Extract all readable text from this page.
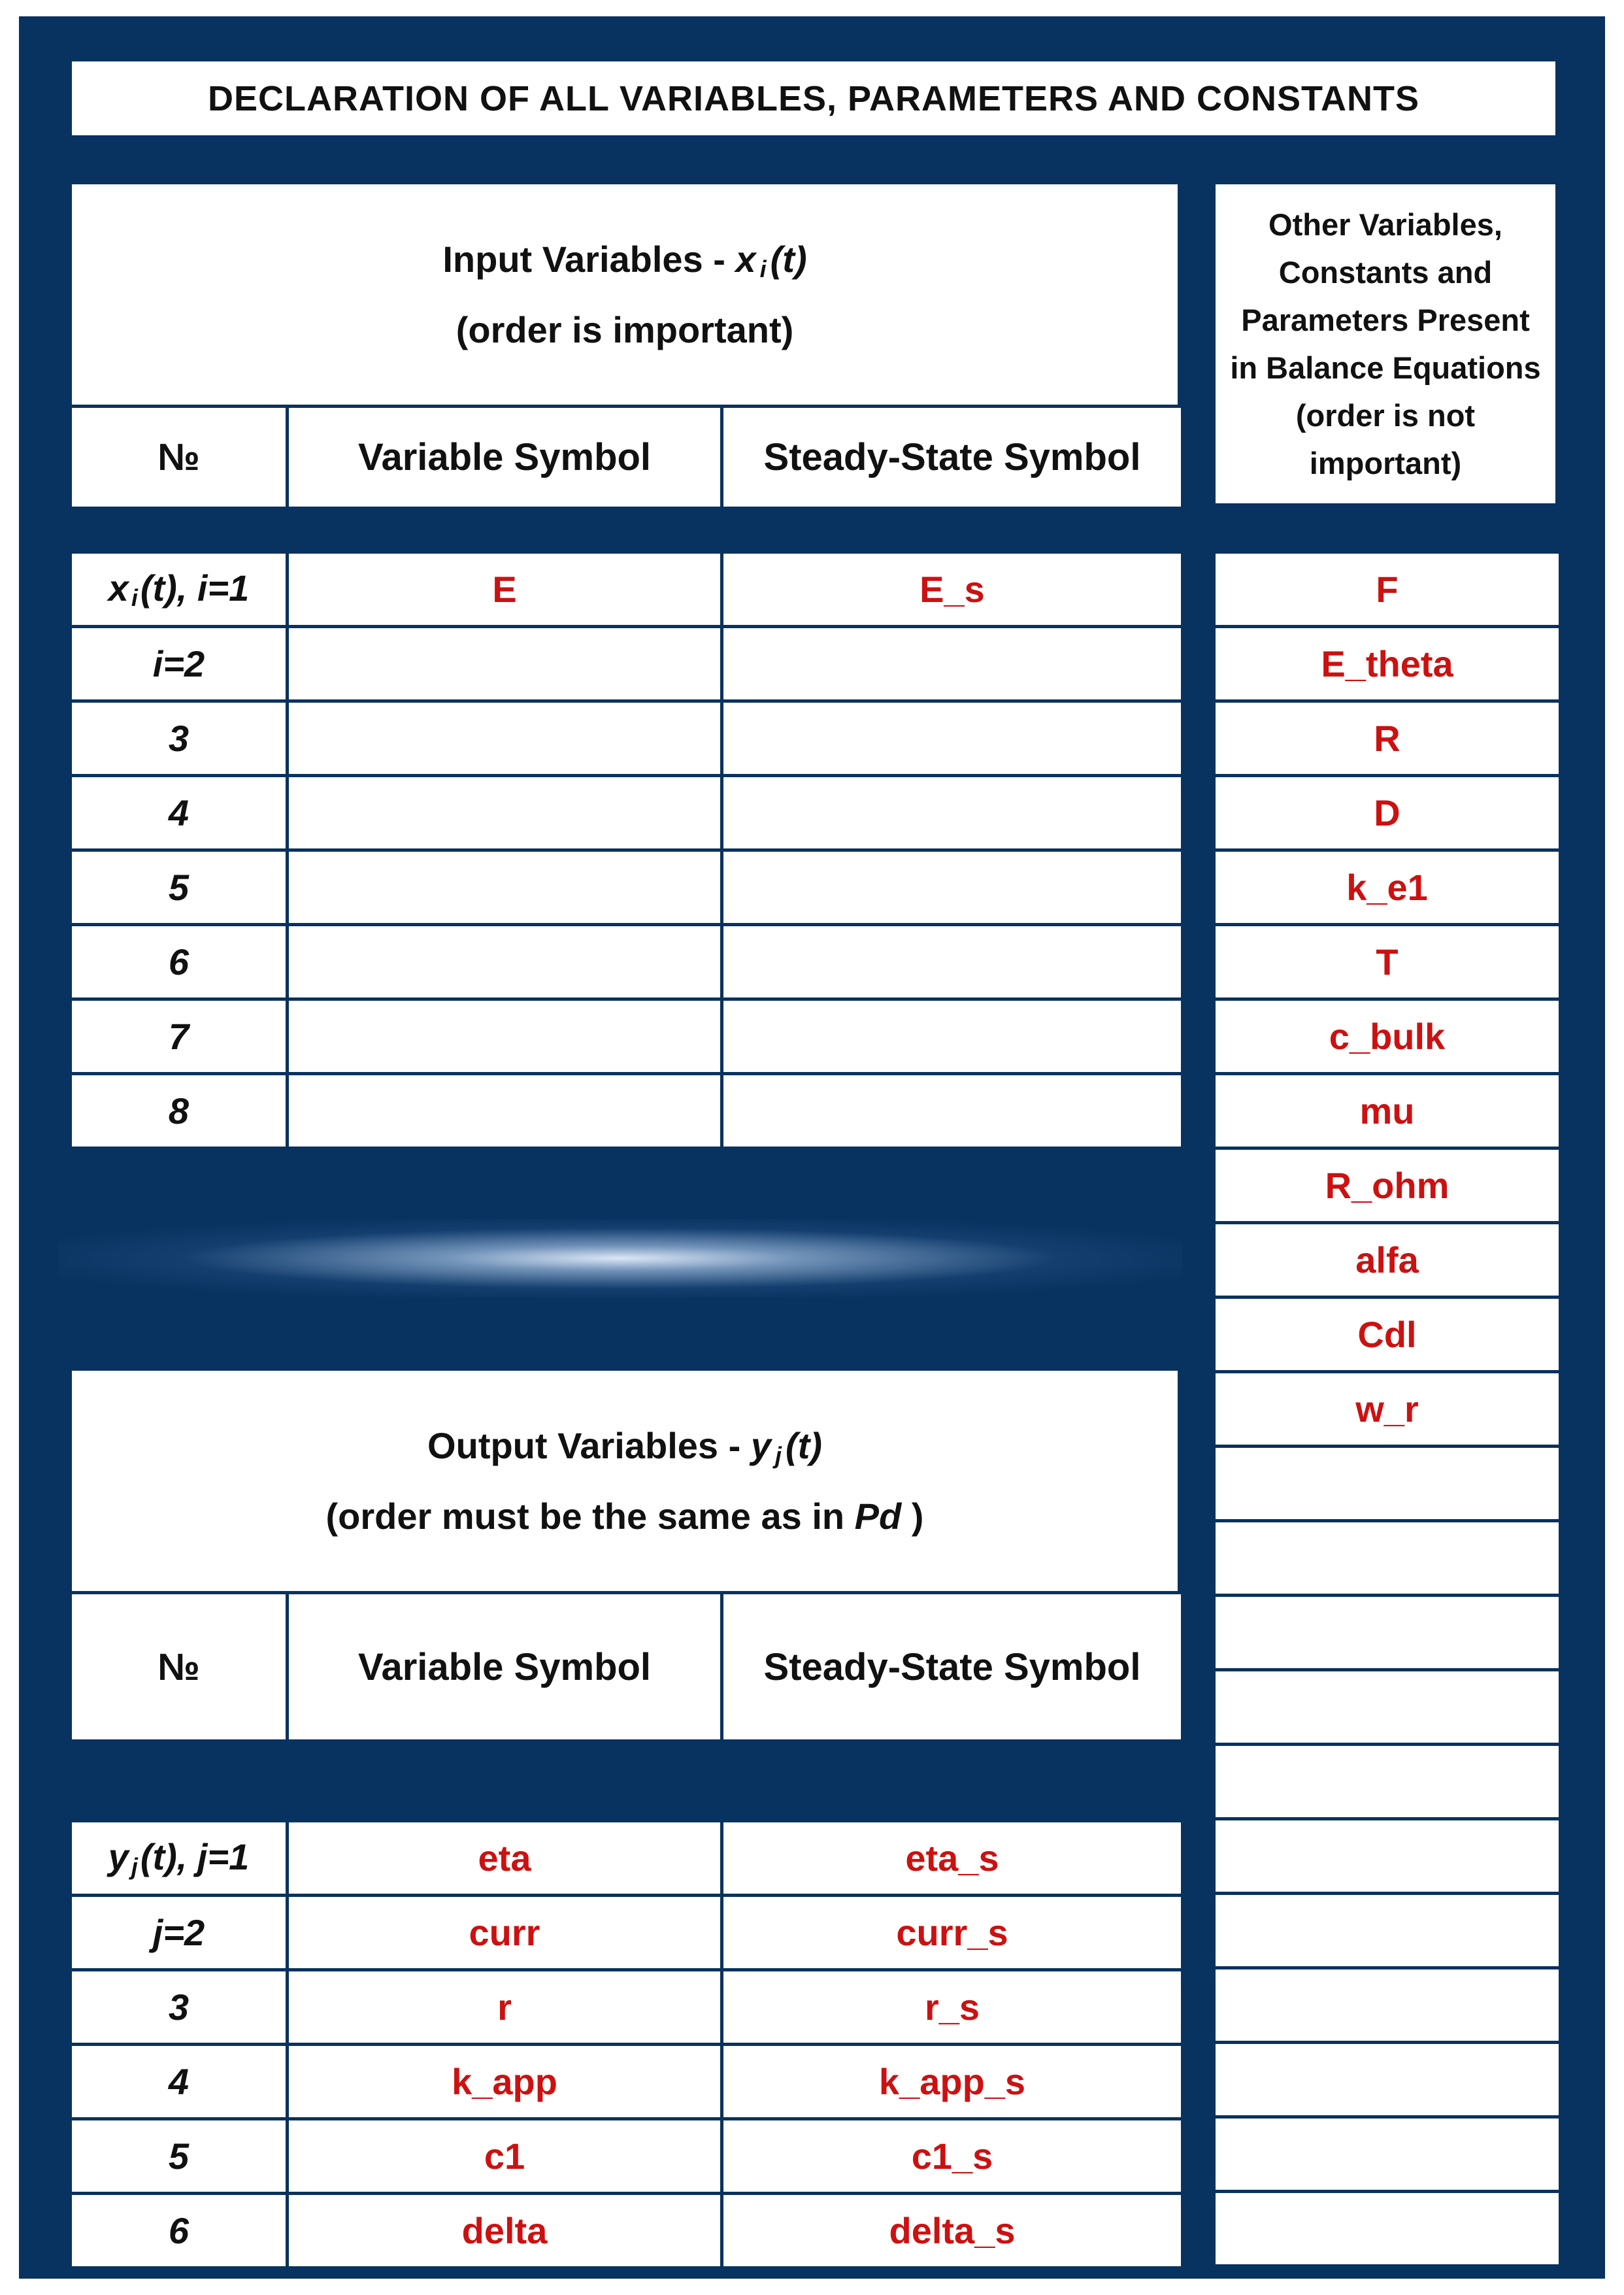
DECLARATION OF ALL VARIABLES, PARAMETERS AND CONSTANTS
Input Variables - x $_i$ (t)
(order is important)
№	Variable Symbol	Steady-State Symbol
x $_i$(t), i=1	E	E_s
i=2		
3		
4		
5		
6		
7		
8		
Output Variables - y $_j$ (t)
(order must be the same as in Pd )
№	Variable Symbol	Steady-State Symbol
y $_j$(t), j=1	eta	eta_s
j=2	curr	curr_s
3	r	r_s
4	k_app	k_app_s
5	c1	c1_s
6	delta	delta_s
Other Variables,
Constants and
Parameters Present
in Balance Equations
(order is not
important)
F
E_theta
R
D
k_e1
T
c_bulk
mu
R_ohm
alfa
Cdl
w_r
